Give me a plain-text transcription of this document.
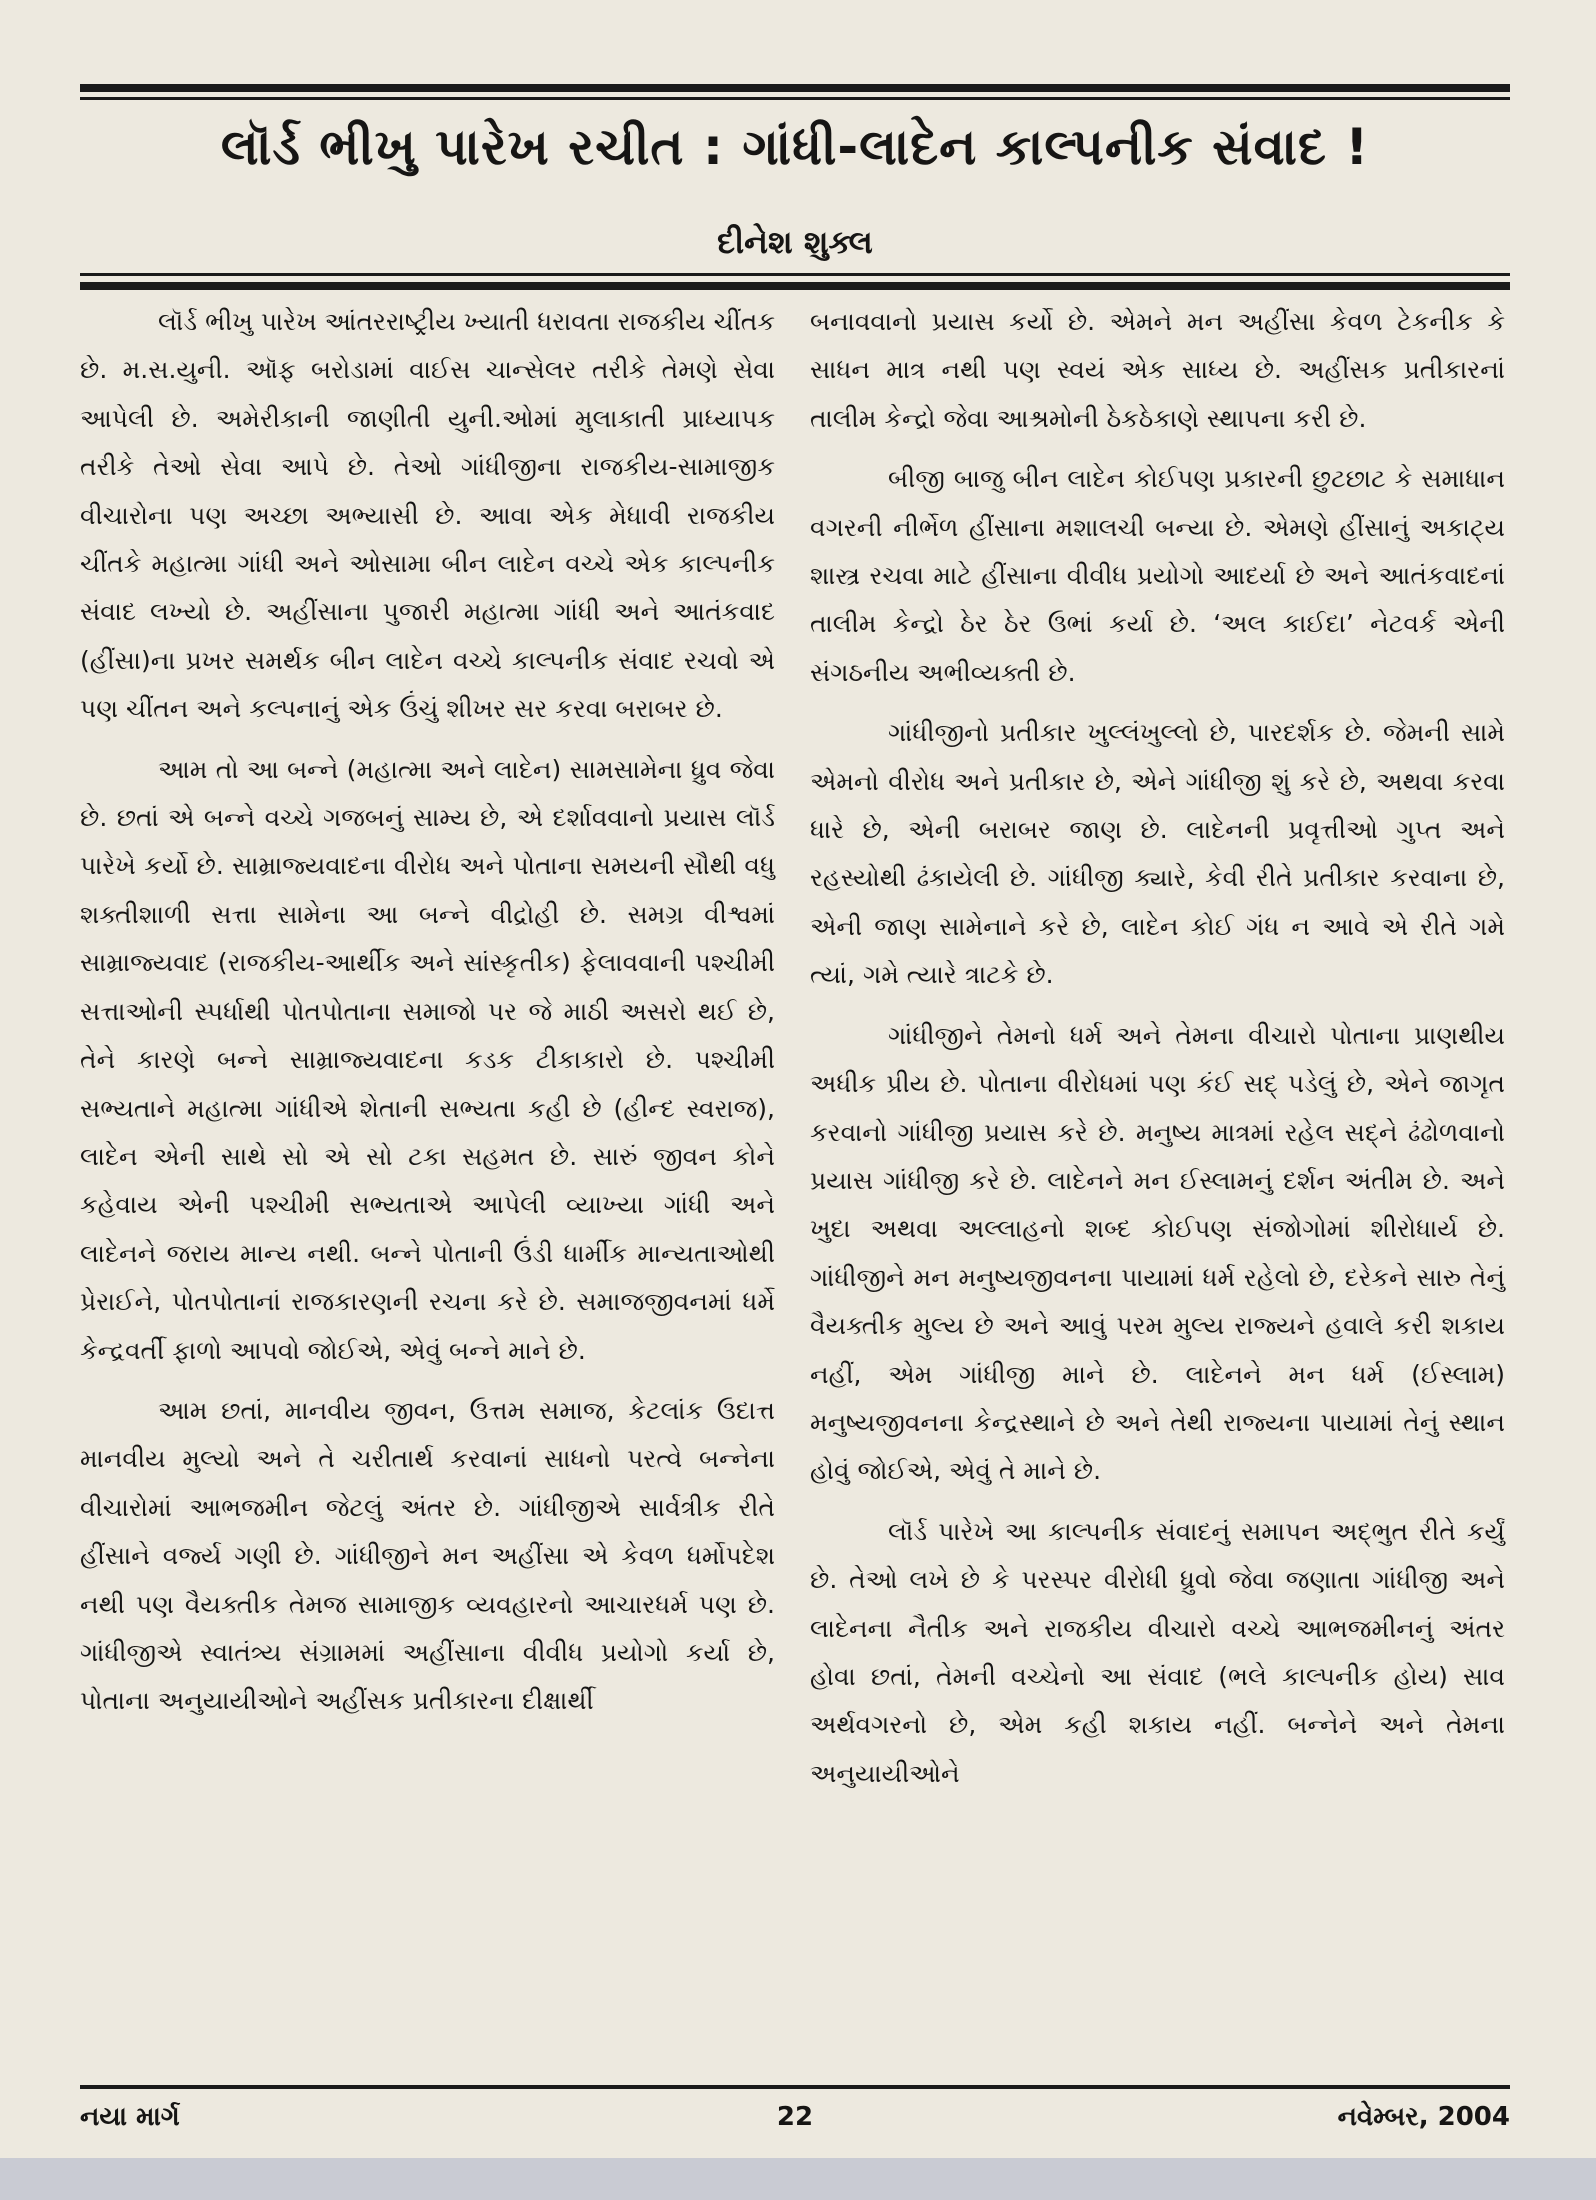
લૉર્ડ ભીખુ પારેખ રચીત : ગાંધી-લાદેન કાલ્પનીક સંવાદ !
દીનેશ શુક્લ

લૉર્ડ ભીખુ પારેખ આંતરરાષ્ટ્રીય ખ્યાતી ધરાવતા રાજકીય ચીંતક છે. મ.સ.યુની. ઑફ બરોડામાં વાઈસ ચાન્સેલર તરીકે તેમણે સેવા આપેલી છે. અમેરીકાની જાણીતી યુની.ઓમાં મુલાકાતી પ્રાધ્યાપક તરીકે તેઓ સેવા આપે છે. તેઓ ગાંધીજીના રાજકીય-સામાજીક વીચારોના પણ અચ્છા અભ્યાસી છે. આવા એક મેધાવી રાજકીય ચીંતકે મહાત્મા ગાંધી અને ઓસામા બીન લાદેન વચ્ચે એક કાલ્પનીક સંવાદ લખ્યો છે. અહીંસાના પુજારી મહાત્મા ગાંધી અને આતંકવાદ (હીંસા)ના પ્રખર સમર્થક બીન લાદેન વચ્ચે કાલ્પનીક સંવાદ રચવો એ પણ ચીંતન અને કલ્પનાનું એક ઉંચું શીખર સર કરવા બરાબર છે.

આમ તો આ બન્ને (મહાત્મા અને લાદેન) સામસામેના ધ્રુવ જેવા છે. છતાં એ બન્ને વચ્ચે ગજબનું સામ્ય છે, એ દર્શાવવાનો પ્રયાસ લૉર્ડ પારેખે કર્યો છે. સામ્રાજ્યવાદના વીરોધ અને પોતાના સમયની સૌથી વધુ શક્તીશાળી સત્તા સામેના આ બન્ને વીદ્રોહી છે. સમગ્ર વીશ્વમાં સામ્રાજ્યવાદ (રાજકીય-આર્થીક અને સાંસ્કૃતીક) ફેલાવવાની પશ્ચીમી સત્તાઓની સ્પર્ધાથી પોતપોતાના સમાજો પર જે માઠી અસરો થઈ છે, તેને કારણે બન્ને સામ્રાજ્યવાદના કડક ટીકાકારો છે. પશ્ચીમી સભ્યતાને મહાત્મા ગાંધીએ શેતાની સભ્યતા કહી છે (હીન્દ સ્વરાજ), લાદેન એની સાથે સો એ સો ટકા સહમત છે. સારું જીવન કોને કહેવાય એની પશ્ચીમી સભ્યતાએ આપેલી વ્યાખ્યા ગાંધી અને લાદેનને જરાય માન્ય નથી. બન્ને પોતાની ઉંડી ધાર્મીક માન્યતાઓથી પ્રેરાઈને, પોતપોતાનાં રાજકારણની રચના કરે છે. સમાજજીવનમાં ધર્મે કેન્દ્રવર્તી ફાળો આપવો જોઈએ, એવું બન્ને માને છે.

આમ છતાં, માનવીય જીવન, ઉત્તમ સમાજ, કેટલાંક ઉદાત્ત માનવીય મુલ્યો અને તે ચરીતાર્થ કરવાનાં સાધનો પરત્વે બન્નેના વીચારોમાં આભજમીન જેટલું અંતર છે. ગાંધીજીએ સાર્વત્રીક રીતે હીંસાને વર્જ્ય ગણી છે. ગાંધીજીને મન અહીંસા એ કેવળ ધર્મોપદેશ નથી પણ વૈયક્તીક તેમજ સામાજીક વ્યવહારનો આચારધર્મ પણ છે. ગાંધીજીએ સ્વાતંત્ર્ય સંગ્રામમાં અહીંસાના વીવીધ પ્રયોગો કર્યા છે, પોતાના અનુયાયીઓને અહીંસક પ્રતીકારના દીક્ષાર્થી

બનાવવાનો પ્રયાસ કર્યો છે. એમને મન અહીંસા કેવળ ટેકનીક કે સાધન માત્ર નથી પણ સ્વયં એક સાધ્ય છે. અહીંસક પ્રતીકારનાં તાલીમ કેન્દ્રો જેવા આશ્રમોની ઠેકઠેકાણે સ્થાપના કરી છે.

બીજી બાજુ બીન લાદેન કોઈપણ પ્રકારની છુટછાટ કે સમાધાન વગરની નીર્ભેળ હીંસાના મશાલચી બન્યા છે. એમણે હીંસાનું અકાટ્ય શાસ્ત્ર રચવા માટે હીંસાના વીવીધ પ્રયોગો આદર્યા છે અને આતંકવાદનાં તાલીમ કેન્દ્રો ઠેર ઠેર ઉભાં કર્યા છે. ‘અલ કાઈદા’ નેટવર્ક એની સંગઠનીય અભીવ્યક્તી છે.

ગાંધીજીનો પ્રતીકાર ખુલ્લંખુલ્લો છે, પારદર્શક છે. જેમની સામે એમનો વીરોધ અને પ્રતીકાર છે, એને ગાંધીજી શું કરે છે, અથવા કરવા ધારે છે, એની બરાબર જાણ છે. લાદેનની પ્રવૃત્તીઓ ગુપ્ત અને રહસ્યોથી ઢંકાયેલી છે. ગાંધીજી ક્યારે, કેવી રીતે પ્રતીકાર કરવાના છે, એની જાણ સામેનાને કરે છે, લાદેન કોઈ ગંધ ન આવે એ રીતે ગમે ત્યાં, ગમે ત્યારે ત્રાટકે છે.

ગાંધીજીને તેમનો ધર્મ અને તેમના વીચારો પોતાના પ્રાણથીય અધીક પ્રીય છે. પોતાના વીરોધમાં પણ કંઈ સદ્ પડેલું છે, એને જાગૃત કરવાનો ગાંધીજી પ્રયાસ કરે છે. મનુષ્ય માત્રમાં રહેલ સદ્‌ને ઢંઢોળવાનો પ્રયાસ ગાંધીજી કરે છે. લાદેનને મન ઈસ્લામનું દર્શન અંતીમ છે. અને ખુદા અથવા અલ્લાહનો શબ્દ કોઈપણ સંજોગોમાં શીરોધાર્ય છે. ગાંધીજીને મન મનુષ્યજીવનના પાયામાં ધર્મ રહેલો છે, દરેકને સારુ તેનું વૈયક્તીક મુલ્ય છે અને આવું પરમ મુલ્ય રાજ્યને હવાલે કરી શકાય નહીં, એમ ગાંધીજી માને છે. લાદેનને મન ધર્મ (ઈસ્લામ) મનુષ્યજીવનના કેન્દ્રસ્થાને છે અને તેથી રાજ્યના પાયામાં તેનું સ્થાન હોવું જોઈએ, એવું તે માને છે.

લૉર્ડ પારેખે આ કાલ્પનીક સંવાદનું સમાપન અદ્‌ભુત રીતે કર્યું છે. તેઓ લખે છે કે પરસ્પર વીરોધી ધ્રુવો જેવા જણાતા ગાંધીજી અને લાદેનના નૈતીક અને રાજકીય વીચારો વચ્ચે આભજમીનનું અંતર હોવા છતાં, તેમની વચ્ચેનો આ સંવાદ (ભલે કાલ્પનીક હોય) સાવ અર્થવગરનો છે, એમ કહી શકાય નહીં. બન્નેને અને તેમના અનુયાયીઓને

નયા માર્ગ	22	નવેમ્બર, 2004
